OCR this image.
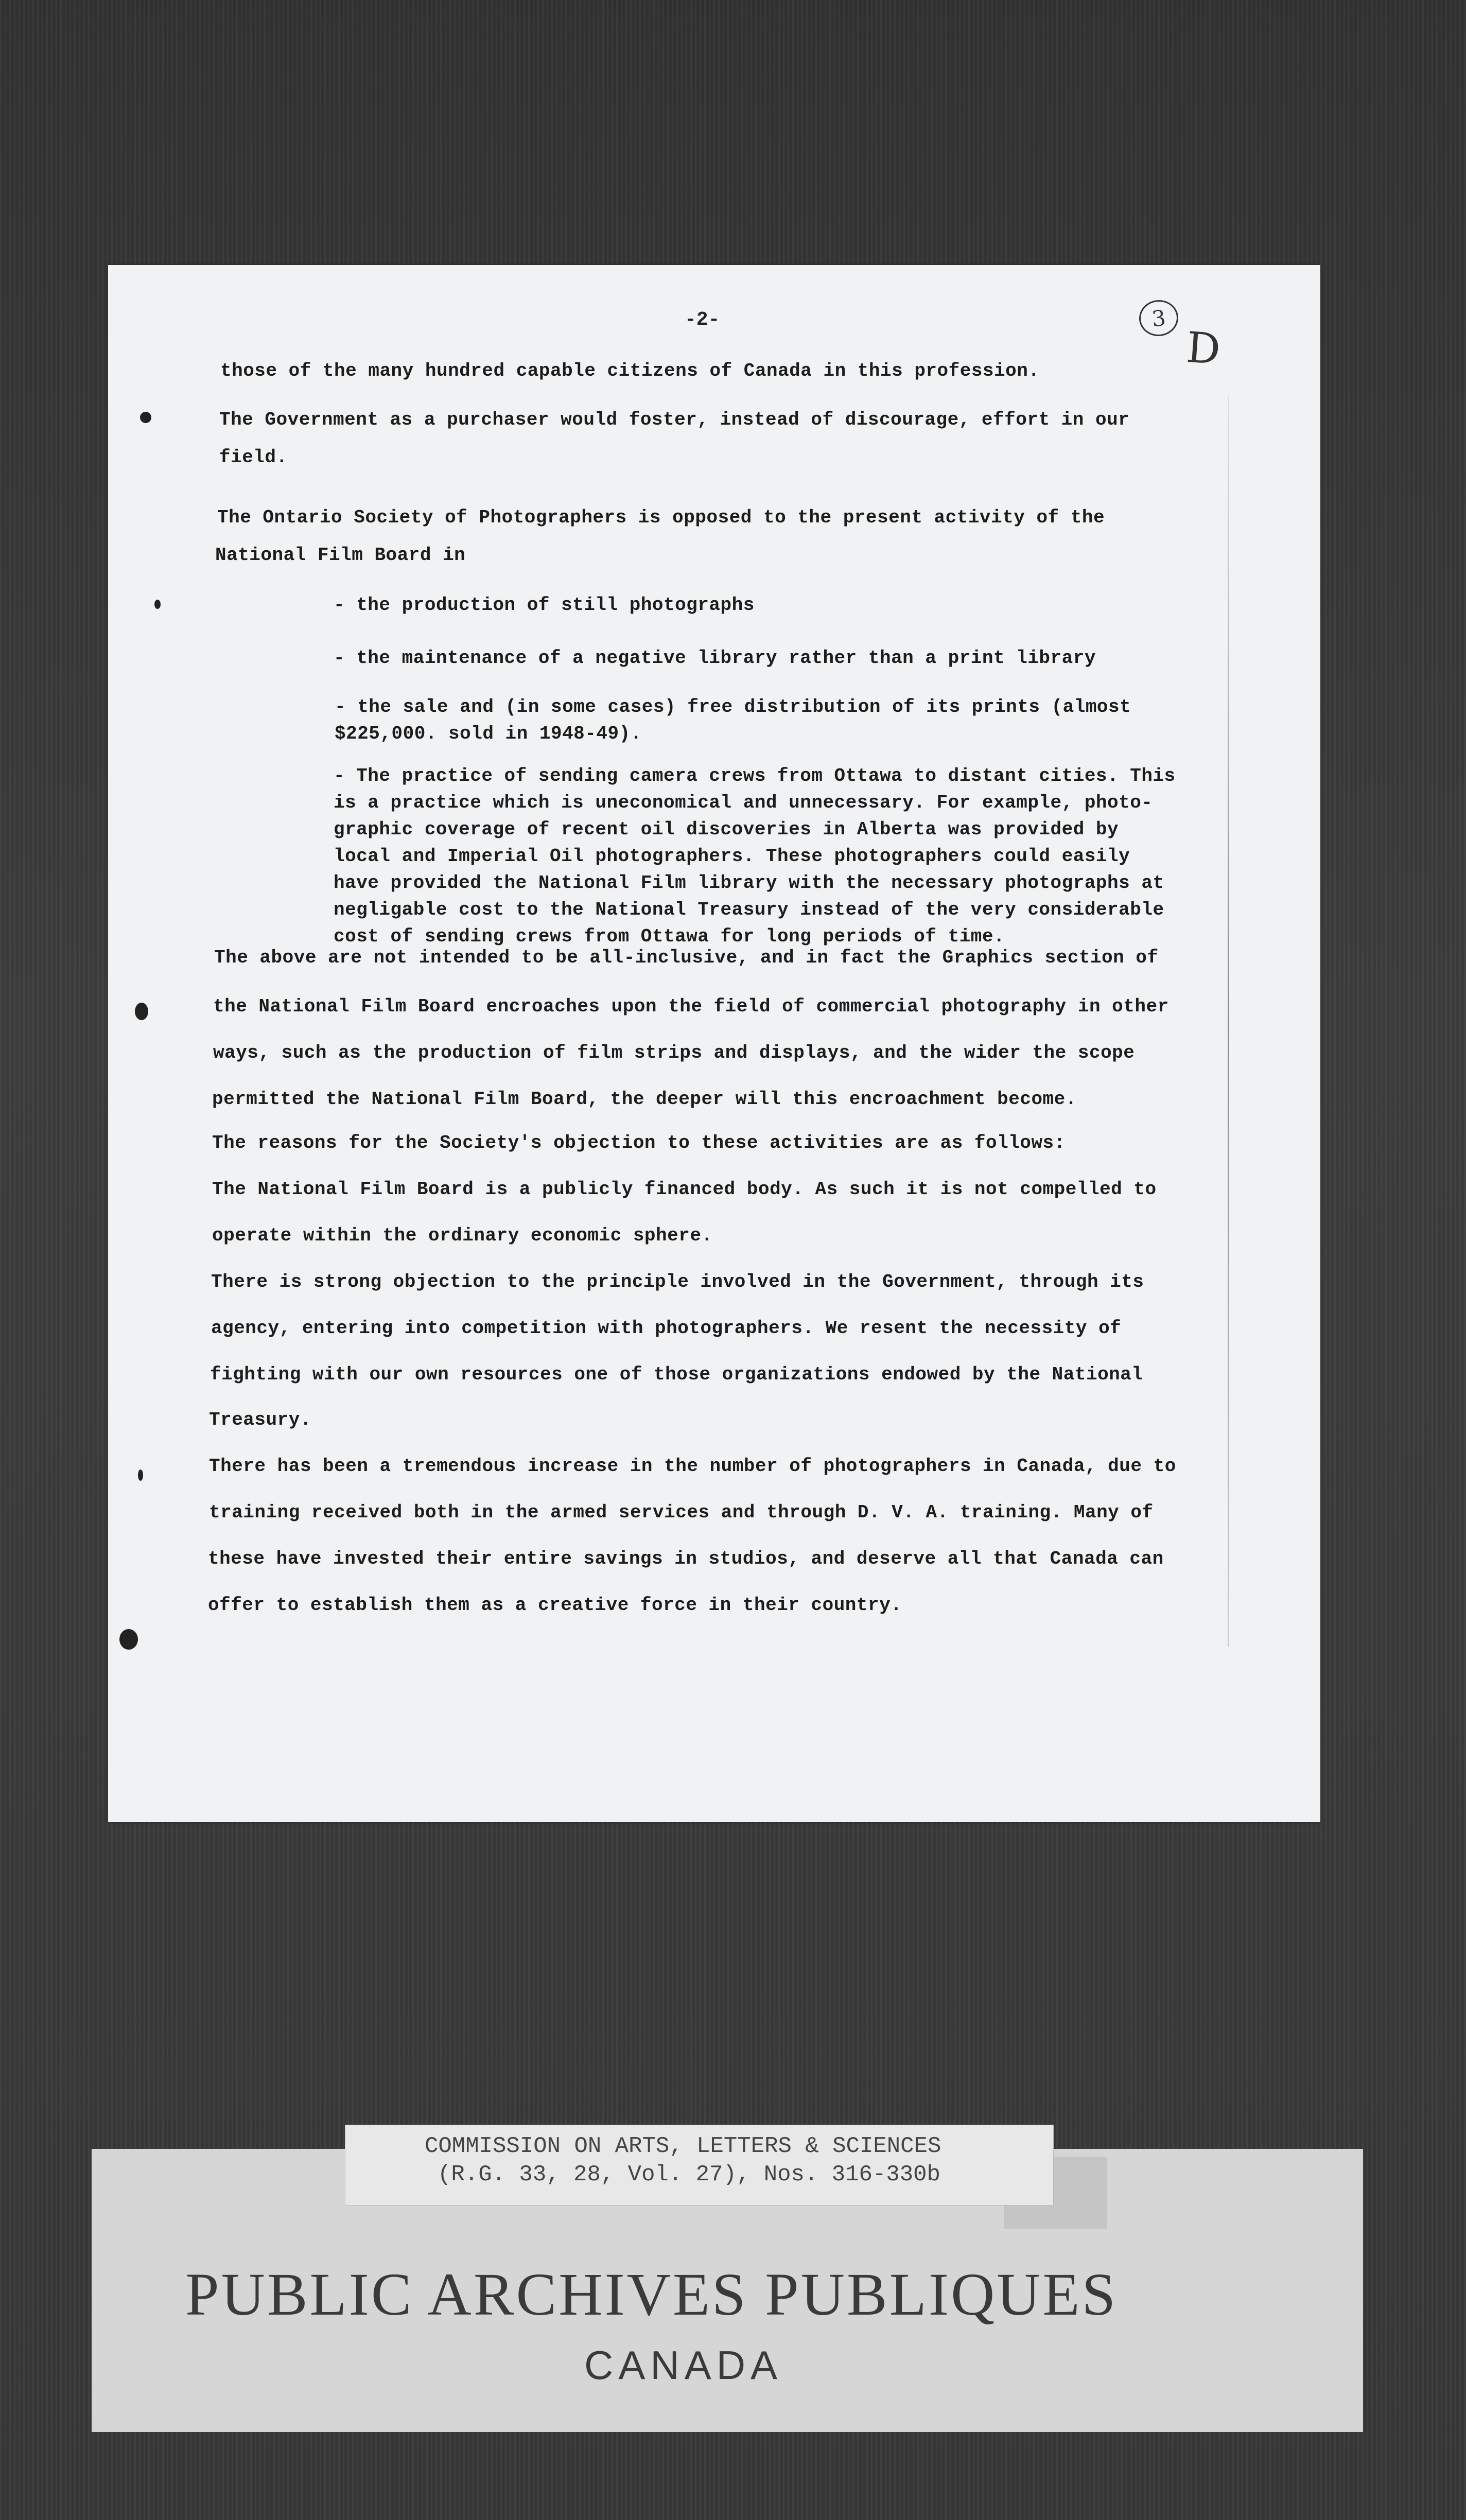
-2-	3
D
those of the many hundred capable citizens of Canada in this profession.
The Government as a purchaser would foster, instead of discourage, effort in our
field.
The Ontario Society of Photographers is opposed to the present activity of the
National Film Board in
- the production of still photographs
- the maintenance of a negative library rather than a print library
- the sale and (in some cases) free distribution of its prints (almost
$225,000. sold in 1948-49).
- The practice of sending camera crews from Ottawa to distant cities. This
is a practice which is uneconomical and unnecessary. For example, photo-
graphic coverage of recent oil discoveries in Alberta was provided by
local and Imperial Oil photographers. These photographers could easily
have provided the National Film library with the necessary photographs at
negligable cost to the National Treasury instead of the very considerable
cost of sending crews from Ottawa for long periods of time.
The above are not intended to be all-inclusive, and in fact the Graphics section of
the National Film Board encroaches upon the field of commercial photography in other
ways, such as the production of film strips and displays, and the wider the scope
permitted the National Film Board, the deeper will this encroachment become.
The reasons for the Society's objection to these activities are as follows:
The National Film Board is a publicly financed body. As such it is not compelled to
operate within the ordinary economic sphere.
There is strong objection to the principle involved in the Government, through its
agency, entering into competition with photographers. We resent the necessity of
fighting with our own resources one of those organizations endowed by the National
Treasury.
There has been a tremendous increase in the number of photographers in Canada, due to
training received both in the armed services and through D. V. A. training. Many of
these have invested their entire savings in studios, and deserve all that Canada can
offer to establish them as a creative force in their country.
COMMISSION ON ARTS, LETTERS & SCIENCES
(R.G. 33, 28, Vol. 27), Nos. 316-330b
PUBLIC ARCHIVES PUBLIQUES
CANADA
